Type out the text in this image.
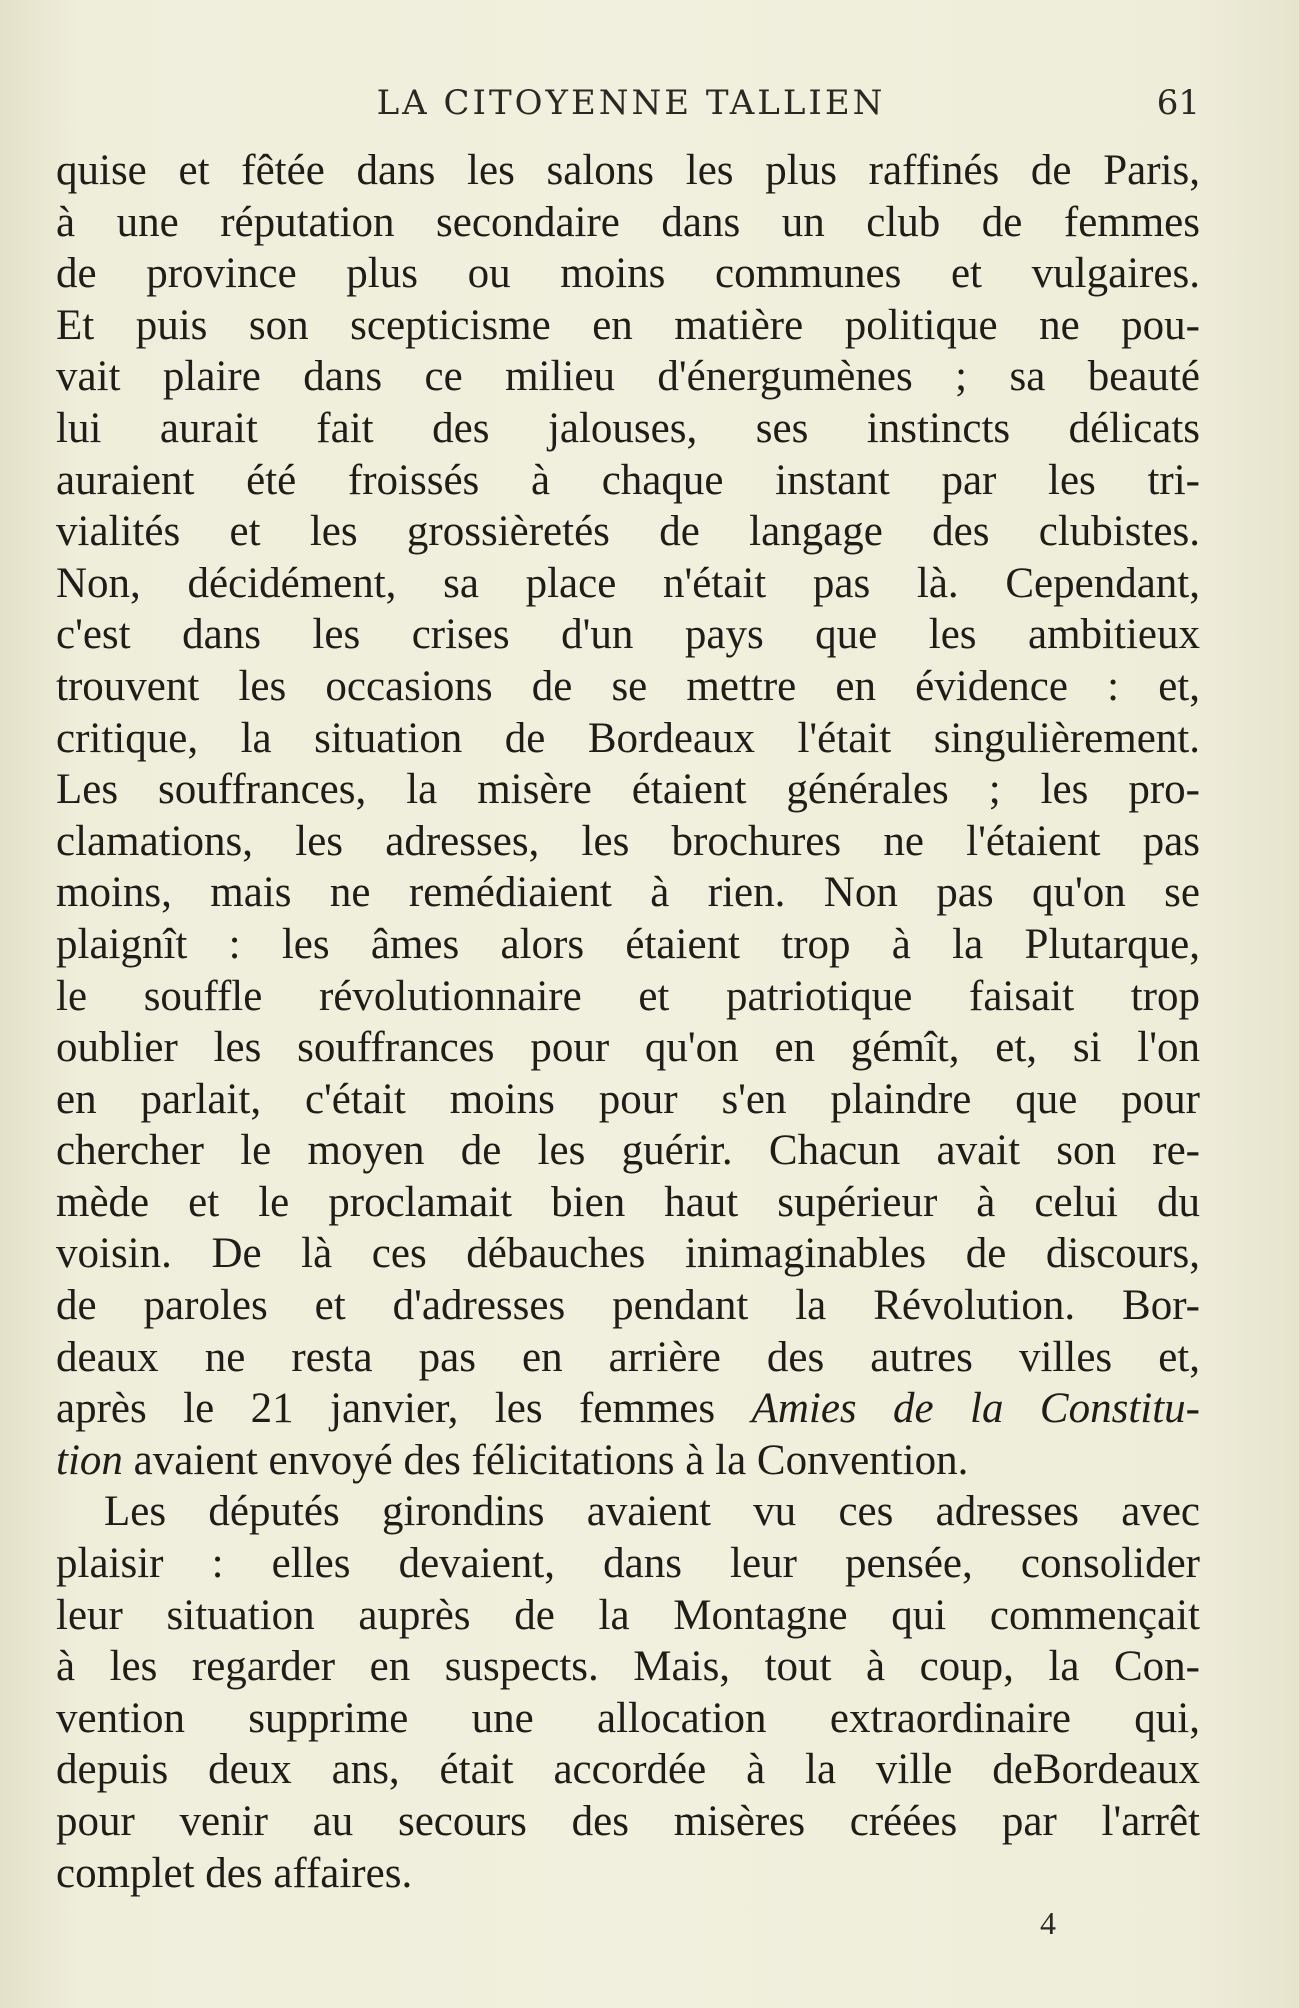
LA CITOYENNE TALLIEN	61
quise et fêtée dans les salons les plus raffinés de Paris,
à une réputation secondaire dans un club de femmes
de province plus ou moins communes et vulgaires.
Et puis son scepticisme en matière politique ne pou-
vait plaire dans ce milieu d'énergumènes ; sa beauté
lui aurait fait des jalouses, ses instincts délicats
auraient été froissés à chaque instant par les tri-
vialités et les grossièretés de langage des clubistes.
Non, décidément, sa place n'était pas là. Cependant,
c'est dans les crises d'un pays que les ambitieux
trouvent les occasions de se mettre en évidence : et,
critique, la situation de Bordeaux l'était singulièrement.
Les souffrances, la misère étaient générales ; les pro-
clamations, les adresses, les brochures ne l'étaient pas
moins, mais ne remédiaient à rien. Non pas qu'on se
plaignît : les âmes alors étaient trop à la Plutarque,
le souffle révolutionnaire et patriotique faisait trop
oublier les souffrances pour qu'on en gémît, et, si l'on
en parlait, c'était moins pour s'en plaindre que pour
chercher le moyen de les guérir. Chacun avait son re-
mède et le proclamait bien haut supérieur à celui du
voisin. De là ces débauches inimaginables de discours,
de paroles et d'adresses pendant la Révolution. Bor-
deaux ne resta pas en arrière des autres villes et,
après le 21 janvier, les femmes Amies de la Constitu-
tion avaient envoyé des félicitations à la Convention.
Les députés girondins avaient vu ces adresses avec
plaisir : elles devaient, dans leur pensée, consolider
leur situation auprès de la Montagne qui commençait
à les regarder en suspects. Mais, tout à coup, la Con-
vention supprime une allocation extraordinaire qui,
depuis deux ans, était accordée à la ville deBordeaux
pour venir au secours des misères créées par l'arrêt
complet des affaires.
4
